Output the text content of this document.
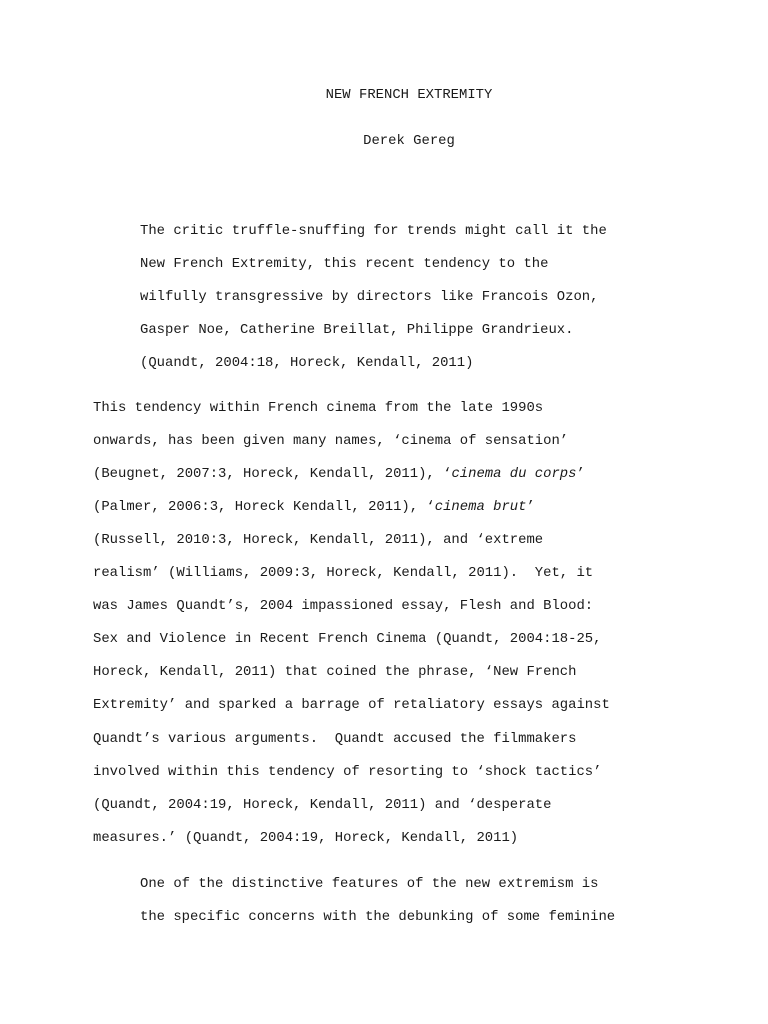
NEW FRENCH EXTREMITY
Derek Gereg
The critic truffle-snuffing for trends might call it the
New French Extremity, this recent tendency to the
wilfully transgressive by directors like Francois Ozon,
Gasper Noe, Catherine Breillat, Philippe Grandrieux.
(Quandt, 2004:18, Horeck, Kendall, 2011)
This tendency within French cinema from the late 1990s
onwards, has been given many names, ‘cinema of sensation’
(Beugnet, 2007:3, Horeck, Kendall, 2011), ‘cinema du corps’
(Palmer, 2006:3, Horeck Kendall, 2011), ‘cinema brut’
(Russell, 2010:3, Horeck, Kendall, 2011), and ‘extreme
realism’ (Williams, 2009:3, Horeck, Kendall, 2011).  Yet, it
was James Quandt’s, 2004 impassioned essay, Flesh and Blood:
Sex and Violence in Recent French Cinema (Quandt, 2004:18-25,
Horeck, Kendall, 2011) that coined the phrase, ‘New French
Extremity’ and sparked a barrage of retaliatory essays against
Quandt’s various arguments.  Quandt accused the filmmakers
involved within this tendency of resorting to ‘shock tactics’
(Quandt, 2004:19, Horeck, Kendall, 2011) and ‘desperate
measures.’ (Quandt, 2004:19, Horeck, Kendall, 2011)
One of the distinctive features of the new extremism is
the specific concerns with the debunking of some feminine
